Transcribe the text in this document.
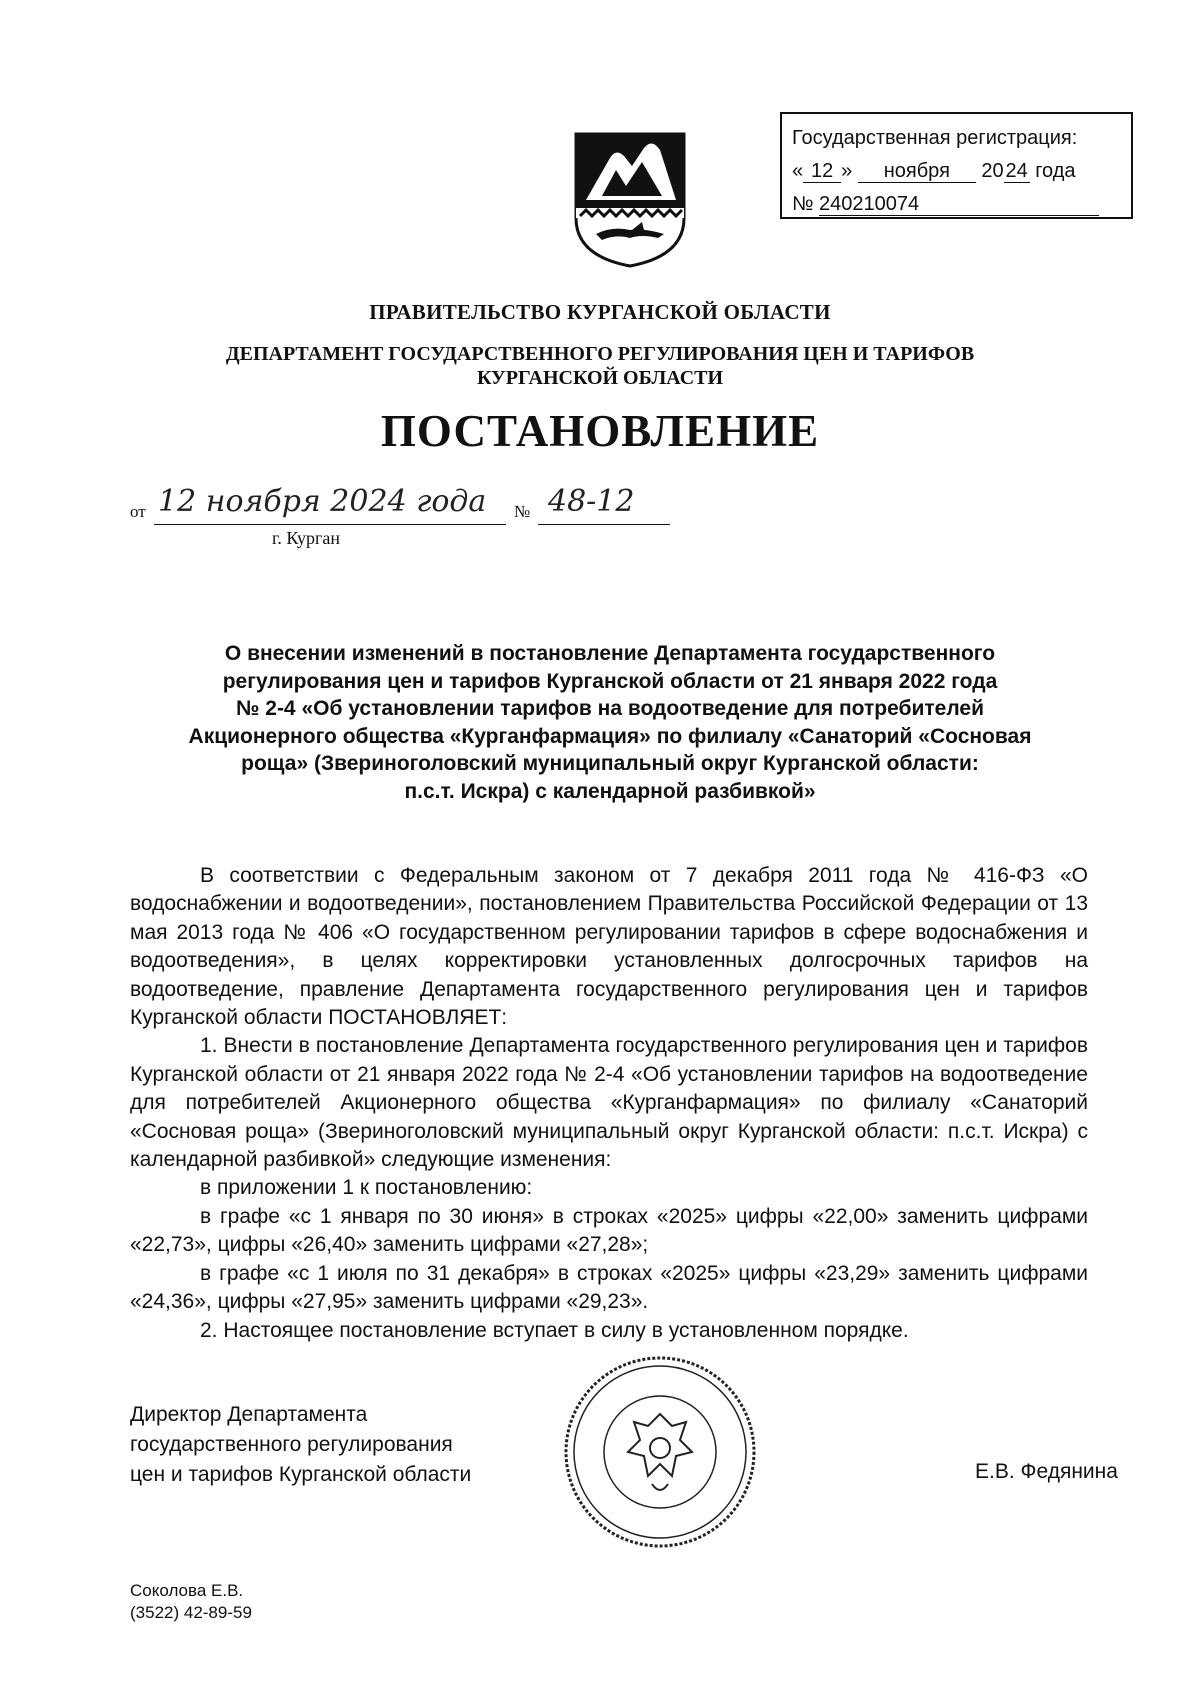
Государственная регистрация:
« 12 » ноября 2024 года
№ 240210074
ПРАВИТЕЛЬСТВО КУРГАНСКОЙ ОБЛАСТИ
ДЕПАРТАМЕНТ ГОСУДАРСТВЕННОГО РЕГУЛИРОВАНИЯ ЦЕН И ТАРИФОВ
КУРГАНСКОЙ ОБЛАСТИ
ПОСТАНОВЛЕНИЕ
от 12 ноября 2024 года № 48-12
г. Курган
О внесении изменений в постановление Департамента государственного
регулирования цен и тарифов Курганской области от 21 января 2022 года
№ 2-4 «Об установлении тарифов на водоотведение для потребителей
Акционерного общества «Курганфармация» по филиалу «Санаторий «Сосновая
роща» (Звериноголовский муниципальный округ Курганской области:
п.с.т. Искра) с календарной разбивкой»

В соответствии с Федеральным законом от 7 декабря 2011 года № 416-ФЗ «О водоснабжении и водоотведении», постановлением Правительства Российской Федерации от 13 мая 2013 года № 406 «О государственном регулировании тарифов в сфере водоснабжения и водоотведения», в целях корректировки установленных долгосрочных тарифов на водоотведение, правление Департамента государственного регулирования цен и тарифов Курганской области ПОСТАНОВЛЯЕТ:

1. Внести в постановление Департамента государственного регулирования цен и тарифов Курганской области от 21 января 2022 года № 2-4 «Об установлении тарифов на водоотведение для потребителей Акционерного общества «Курганфармация» по филиалу «Санаторий «Сосновая роща» (Звериноголовский муниципальный округ Курганской области: п.с.т. Искра) с календарной разбивкой» следующие изменения:

в приложении 1 к постановлению:

в графе «с 1 января по 30 июня» в строках «2025» цифры «22,00» заменить цифрами «22,73», цифры «26,40» заменить цифрами «27,28»;

в графе «с 1 июля по 31 декабря» в строках «2025» цифры «23,29» заменить цифрами «24,36», цифры «27,95» заменить цифрами «29,23».

2. Настоящее постановление вступает в силу в установленном порядке.

Директор Департамента
государственного регулирования
цен и тарифов Курганской области	Е.В. Федянина
Соколова Е.В.
(3522) 42-89-59
